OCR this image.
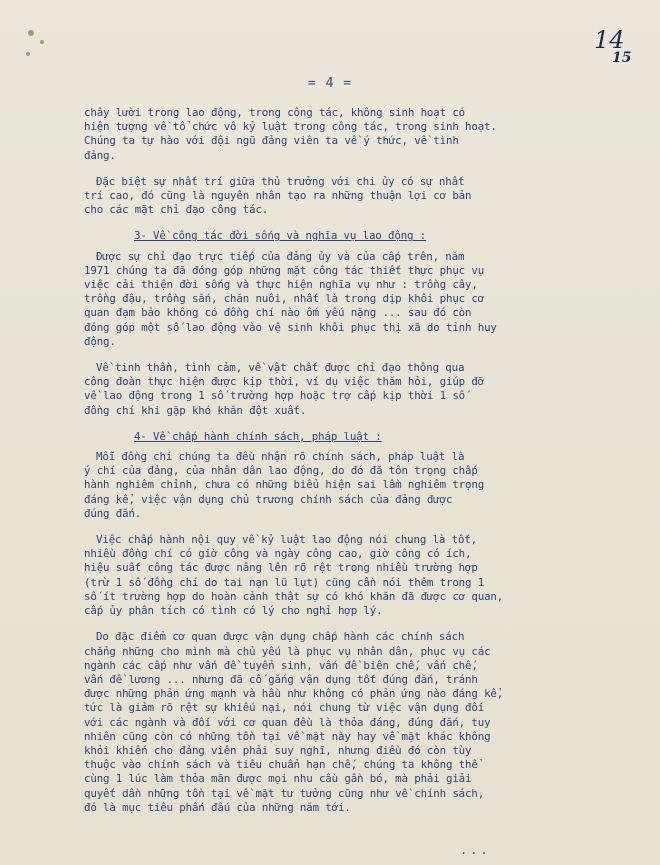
14
15
= 4 =

chây lười trong lao động, trong công tác, không sinh hoạt có
hiện tượng về tổ chức vô kỷ luật trong công tác, trong sinh hoạt.
Chúng ta tự hào với đội ngũ đảng viên ta về ý thức, về tình
đảng.

Đặc biệt sự nhất trí giữa thủ trưởng với chi ủy có sự nhất
trí cao, đó cũng là nguyên nhân tạo ra những thuận lợi cơ bản
cho các mặt chỉ đạo công tác.

3- Về công tác đời sống và nghĩa vụ lao động :

Được sự chỉ đạo trực tiếp của đảng ủy và của cấp trên, năm
1971 chúng ta đã đóng góp những mặt công tác thiết thực phục vụ
việc cải thiện đời sống và thực hiện nghĩa vụ như : trồng cây,
trồng đậu, trồng sắn, chăn nuôi, nhất là trong dịp khôi phục cơ
quan đạm bảo không có đồng chí nào ốm yếu nặng ... sau đó còn
đóng góp một số lao động vào vệ sinh khôi phục thị xã do tỉnh huy
động.

Về tinh thần, tình cảm, về vật chất được chỉ đạo thông qua
công đoàn thực hiện được kịp thời, ví dụ việc thăm hỏi, giúp đỡ
về lao động trong 1 số trường hợp hoặc trợ cấp kịp thời 1 số
đồng chí khi gặp khó khăn đột xuất.

4- Về chấp hành chính sách, pháp luật :

Mỗi đồng chí chúng ta đều nhận rõ chính sách, pháp luật là
ý chí của đảng, của nhân dân lao động, do đó đã tôn trọng chấp
hành nghiêm chỉnh, chưa có những biểu hiện sai lầm nghiêm trọng
đáng kể, việc vận dụng chủ trương chính sách của đảng được
đúng đắn.

Việc chấp hành nội quy về kỷ luật lao động nói chung là tốt,
nhiều đồng chí có giờ công và ngày công cao, giờ công có ích,
hiệu suất công tác được nâng lên rõ rệt trong nhiều trường hợp
(trừ 1 số đồng chí do tai nạn lũ lụt) cũng cần nói thêm trong 1
số ít trường hợp do hoàn cảnh thật sự có khó khăn đã được cơ quan,
cấp ủy phân tích có tình có lý cho nghỉ hợp lý.

Do đặc điểm cơ quan được vận dụng chấp hành các chính sách
chẳng những cho mình mà chủ yếu là phục vụ nhân dân, phục vụ các
ngành các cấp như vấn đề tuyển sinh, vấn đề biên chế, vấn chế,
vấn đề lương ... nhưng đã cố gắng vận dụng tốt đúng đắn, tránh
được những phản ứng mạnh và hầu như không có phản ứng nào đáng kể,
tức là giảm rõ rệt sự khiếu nại, nói chung từ việc vận dụng đối
với các ngành và đối với cơ quan đều là thỏa đáng, đúng đắn, tuy
nhiên cũng còn có những tồn tại về mặt này hay về mặt khác không
khỏi khiến cho đảng viên phải suy nghĩ, nhưng điều đó còn tùy
thuộc vào chính sách và tiêu chuẩn hạn chế, chúng ta không thể
cùng 1 lúc làm thỏa mãn được mọi nhu cầu gần bó, mà phải giải
quyết dần những tồn tại về mặt tư tưởng cũng như về chính sách,
đó là mục tiêu phấn đấu của những năm tới.

...
